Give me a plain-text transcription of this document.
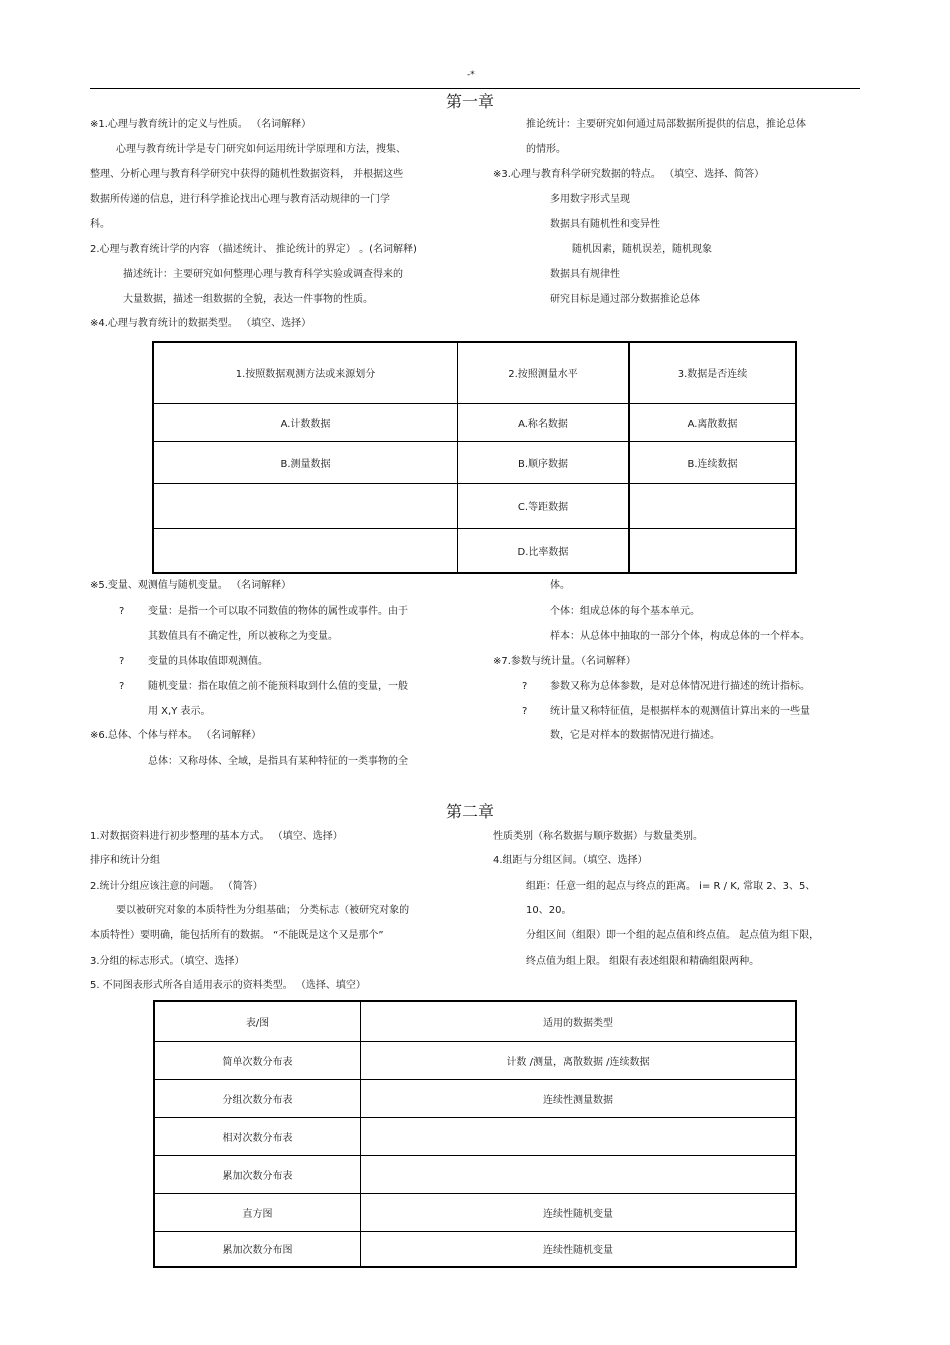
-*
第一章
※1.心理与教育统计的定义与性质。 （名词解释）
心理与教育统计学是专门研究如何运用统计学原理和方法，搜集、
整理、分析心理与教育科学研究中获得的随机性数据资料， 并根据这些
数据所传递的信息，进行科学推论找出心理与教育活动规律的一门学
科。
2.心理与教育统计学的内容 （描述统计、 推论统计的界定） 。(名词解释)
描述统计：主要研究如何整理心理与教育科学实验或调查得来的
大量数据，描述一组数据的全貌，表达一件事物的性质。
※4.心理与教育统计的数据类型。 （填空、选择）
推论统计：主要研究如何通过局部数据所提供的信息，推论总体
的情形。
※3.心理与教育科学研究数据的特点。 （填空、选择、简答）
多用数字形式呈现
数据具有随机性和变异性
随机因素，随机误差，随机现象
数据具有规律性
研究目标是通过部分数据推论总体
1.按照数据观测方法或来源划分	2.按照测量水平	3.数据是否连续
A.计数数据	A.称名数据	A.离散数据
B.测量数据	B.顺序数据	B.连续数据
	C.等距数据	
	D.比率数据	
※5.变量、观测值与随机变量。 （名词解释）
? 变量：是指一个可以取不同数值的物体的属性或事件。由于
其数值具有不确定性，所以被称之为变量。
? 变量的具体取值即观测值。
? 随机变量：指在取值之前不能预料取到什么值的变量，一般
用 X,Y 表示。
※6.总体、个体与样本。 （名词解释）
总体：又称母体、全域，是指具有某种特征的一类事物的全
体。
个体：组成总体的每个基本单元。
样本：从总体中抽取的一部分个体，构成总体的一个样本。
※7.参数与统计量。（名词解释）
? 参数又称为总体参数，是对总体情况进行描述的统计指标。
? 统计量又称特征值，是根据样本的观测值计算出来的一些量
数，它是对样本的数据情况进行描述。
第二章
1.对数据资料进行初步整理的基本方式。 （填空、选择）
排序和统计分组
2.统计分组应该注意的问题。 （简答）
要以被研究对象的本质特性为分组基础； 分类标志（被研究对象的
本质特性）要明确，能包括所有的数据。 “不能既是这个又是那个”
3.分组的标志形式。（填空、选择）
5. 不同图表形式所各自适用表示的资料类型。 （选择、填空）
性质类别（称名数据与顺序数据）与数量类别。
4.组距与分组区间。（填空、选择）
组距：任意一组的起点与终点的距离。 i= R / K, 常取 2、3、5、
10、20。
分组区间（组限）即一个组的起点值和终点值。 起点值为组下限，
终点值为组上限。 组限有表述组限和精确组限两种。
表/图	适用的数据类型
简单次数分布表	计数 /测量，离散数据 /连续数据
分组次数分布表	连续性测量数据
相对次数分布表	
累加次数分布表	
直方图	连续性随机变量
累加次数分布图	连续性随机变量
